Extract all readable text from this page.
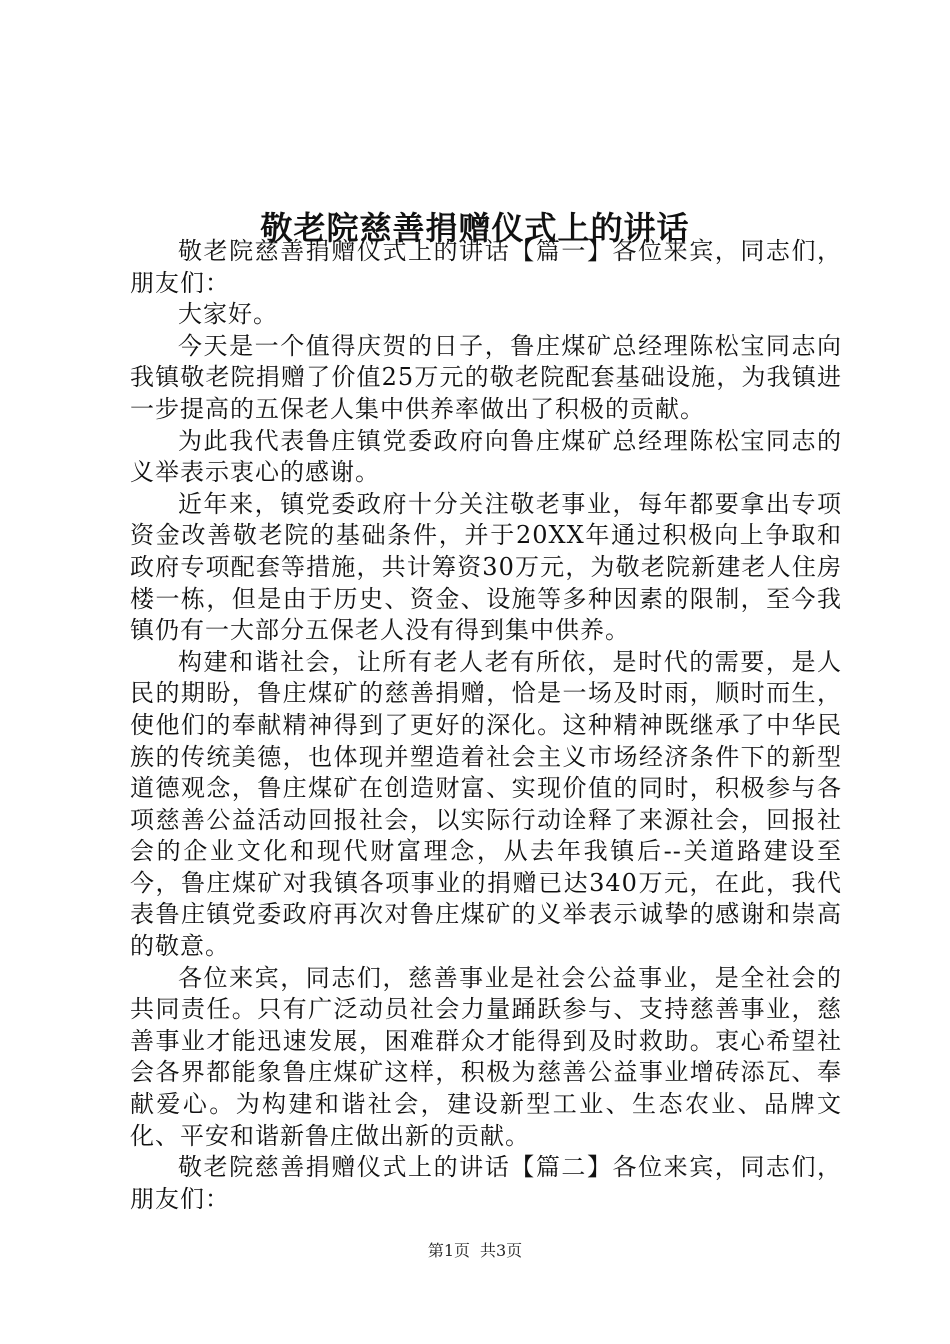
敬老院慈善捐赠仪式上的讲话

敬老院慈善捐赠仪式上的讲话【篇一】各位来宾，同志们，朋友们：

大家好。

今天是一个值得庆贺的日子，鲁庄煤矿总经理陈松宝同志向我镇敬老院捐赠了价值25万元的敬老院配套基础设施，为我镇进一步提高的五保老人集中供养率做出了积极的贡献。

为此我代表鲁庄镇党委政府向鲁庄煤矿总经理陈松宝同志的义举表示衷心的感谢。

近年来，镇党委政府十分关注敬老事业，每年都要拿出专项资金改善敬老院的基础条件，并于20XX年通过积极向上争取和政府专项配套等措施，共计筹资30万元，为敬老院新建老人住房楼一栋，但是由于历史、资金、设施等多种因素的限制，至今我镇仍有一大部分五保老人没有得到集中供养。

构建和谐社会，让所有老人老有所依，是时代的需要，是人民的期盼，鲁庄煤矿的慈善捐赠，恰是一场及时雨，顺时而生，使他们的奉献精神得到了更好的深化。这种精神既继承了中华民族的传统美德，也体现并塑造着社会主义市场经济条件下的新型道德观念，鲁庄煤矿在创造财富、实现价值的同时，积极参与各项慈善公益活动回报社会，以实际行动诠释了来源社会，回报社会的企业文化和现代财富理念，从去年我镇后--关道路建设至今，鲁庄煤矿对我镇各项事业的捐赠已达340万元，在此，我代表鲁庄镇党委政府再次对鲁庄煤矿的义举表示诚挚的感谢和崇高的敬意。

各位来宾，同志们，慈善事业是社会公益事业，是全社会的共同责任。只有广泛动员社会力量踊跃参与、支持慈善事业，慈善事业才能迅速发展，困难群众才能得到及时救助。衷心希望社会各界都能象鲁庄煤矿这样，积极为慈善公益事业增砖添瓦、奉献爱心。为构建和谐社会，建设新型工业、生态农业、品牌文化、平安和谐新鲁庄做出新的贡献。

敬老院慈善捐赠仪式上的讲话【篇二】各位来宾，同志们，朋友们：

第1页 共3页
